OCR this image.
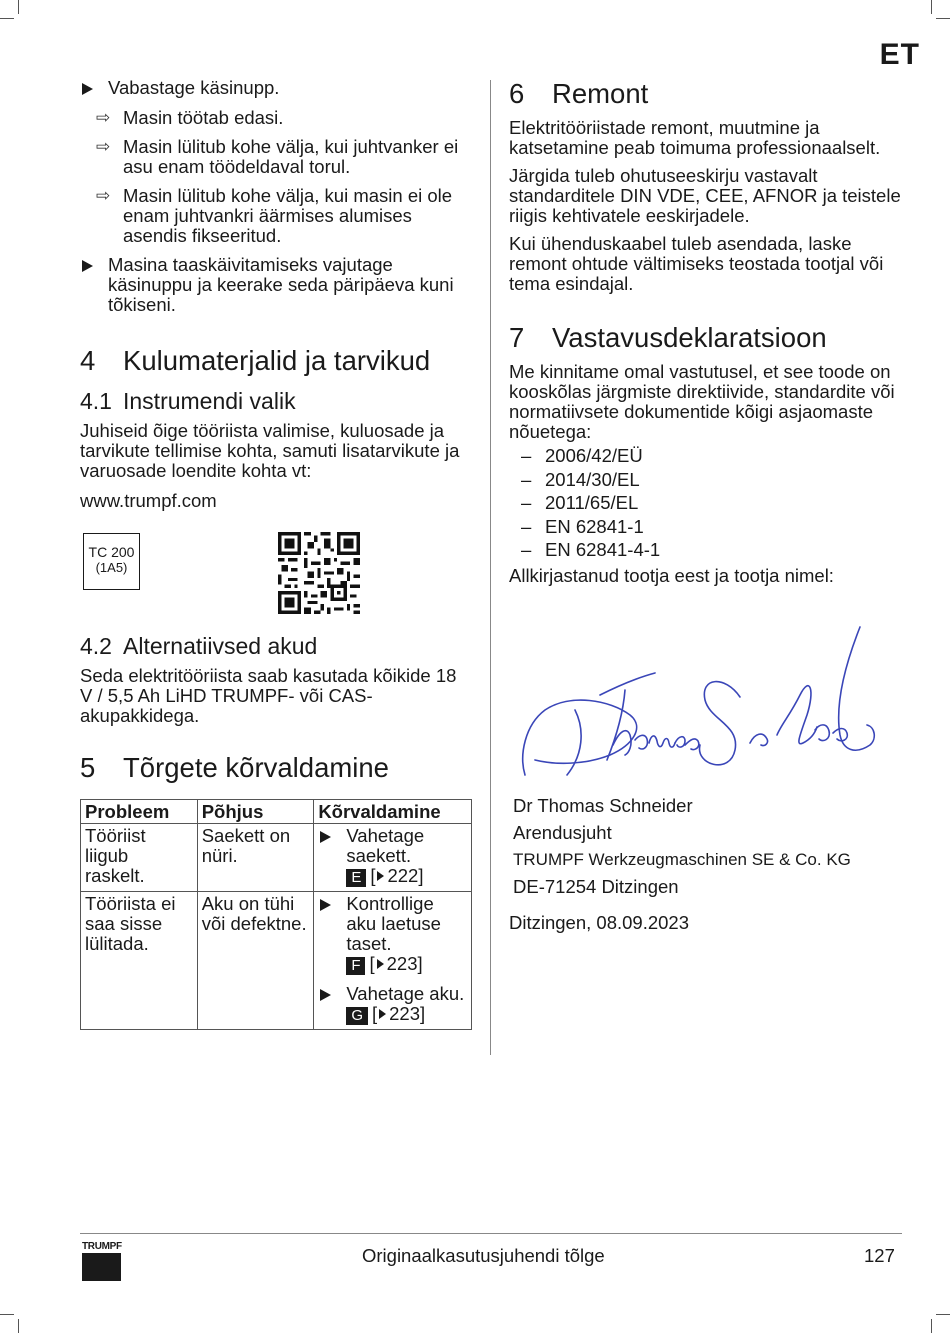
ET
Vabastage käsinupp.
⇨ Masin töötab edasi.
⇨ Masin lülitub kohe välja, kui juhtvanker ei asu enam töödeldaval torul.
⇨ Masin lülitub kohe välja, kui masin ei ole enam juhtvankri äärmises alumises asendis fikseeritud.
Masina taaskäivitamiseks vajutage käsinuppu ja keerake seda päripäeva kuni tõkiseni.
4 Kulumaterjalid ja tarvikud
4.1 Instrumendi valik

Juhiseid õige tööriista valimise, kuluosade ja tarvikute tellimise kohta, samuti lisatarvikute ja varuosade loendite kohta vt:

www.trumpf.com

TC 200
(1A5)
4.2 Alternatiivsed akud

Seda elektritööriista saab kasutada kõikide 18 V / 5,5 Ah LiHD TRUMPF- või CAS-akupakkidega.

5 Tõrgete kõrvaldamine
Probleem	Põhjus	Kõrvaldamine
Tööriist liigub raskelt.	Saekett on nüri.	Vahetage saekett.
E [ 222]

Tööriista ei saa sisse lülitada.	Aku on tühi või defektne.	Kontrollige aku laetuse taset.
F [ 223]
Vahetage aku.
G [ 223]
6 Remont

Elektritööriistade remont, muutmine ja katsetamine peab toimuma professionaalselt.

Järgida tuleb ohutuseeskirju vastavalt standarditele DIN VDE, CEE, AFNOR ja teistele riigis kehtivatele eeskirjadele.

Kui ühenduskaabel tuleb asendada, laske remont ohtude vältimiseks teostada tootjal või tema esindajal.

7 Vastavusdeklaratsioon

Me kinnitame omal vastutusel, et see toode on kooskõlas järgmiste direktiivide, standardite või normatiivsete dokumentide kõigi asjaomaste nõuetega:

– 2006/42/EÜ
– 2014/30/EL
– 2011/65/EL
– EN 62841-1
– EN 62841-4-1

Allkirjastanud tootja eest ja tootja nimel:

Dr Thomas Schneider
Arendusjuht
TRUMPF Werkzeugmaschinen SE & Co. KG
DE-71254 Ditzingen
Ditzingen, 08.09.2023
TRUMPF	Originaalkasutusjuhendi tõlge	127
